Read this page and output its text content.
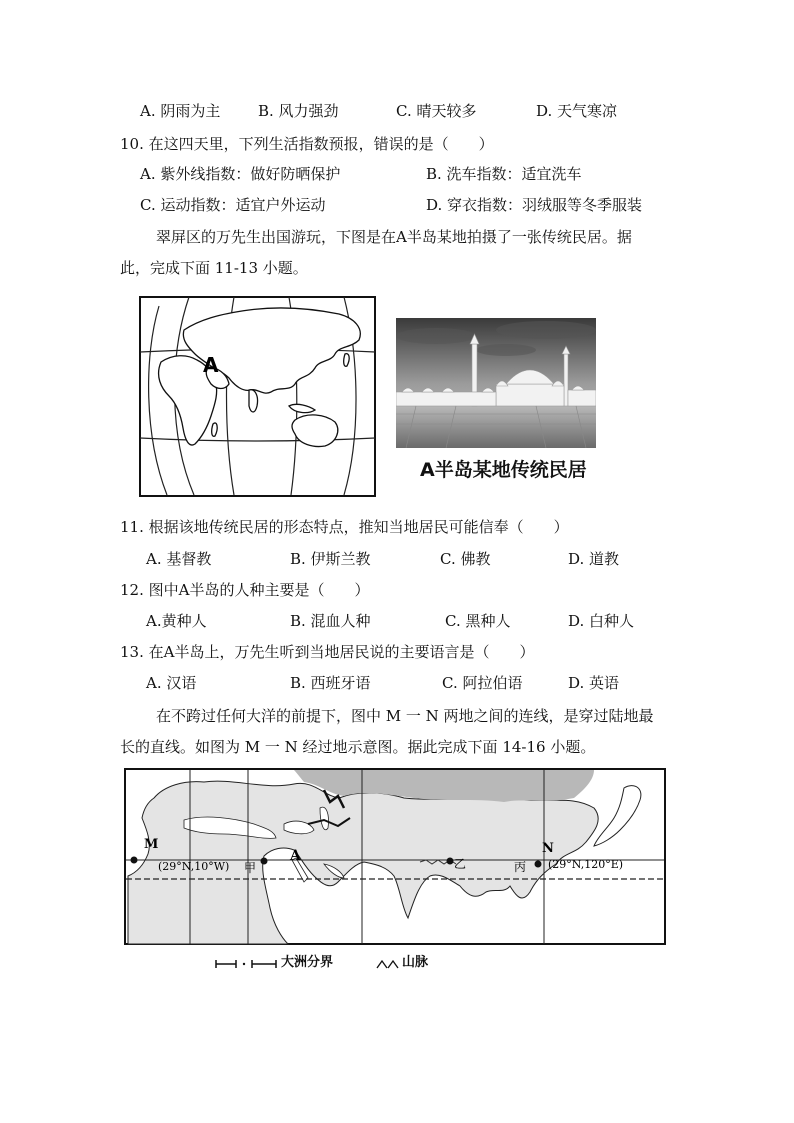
A. 阴雨为主	B. 风力强劲	C. 晴天较多	D. 天气寒凉
10. 在这四天里，下列生活指数预报，错误的是（　　）
A. 紫外线指数：做好防晒保护	B. 洗车指数：适宜洗车
C. 运动指数：适宜户外运动	D. 穿衣指数：羽绒服等冬季服装
翠屏区的万先生出国游玩，下图是在A半岛某地拍摄了一张传统民居。据
此，完成下面 11-13 小题。
A
A半岛某地传统民居
11. 根据该地传统民居的形态特点，推知当地居民可能信奉（　　）
A. 基督教	B. 伊斯兰教	C. 佛教	D. 道教
12. 图中A半岛的人种主要是（　　）
A.黄种人	B. 混血人种	C. 黑种人	D. 白种人
13. 在A半岛上，万先生听到当地居民说的主要语言是（　　）
A. 汉语	B. 西班牙语	C. 阿拉伯语	D. 英语
在不跨过任何大洋的前提下，图中 M 一 N 两地之间的连线，是穿过陆地最
长的直线。如图为 M 一 N 经过地示意图。据此完成下面 14-16 小题。
M
(29°N,10°W) 甲
A	乙	丙
N
(29°N,120°E)
大洲分界	山脉
